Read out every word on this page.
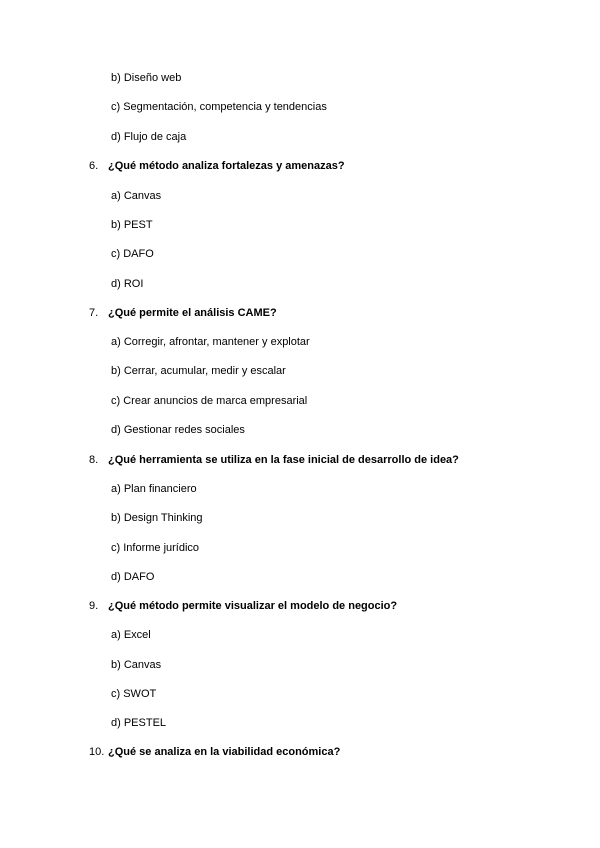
b) Diseño web
c) Segmentación, competencia y tendencias
d) Flujo de caja
6. ¿Qué método analiza fortalezas y amenazas?
a) Canvas
b) PEST
c) DAFO
d) ROI
7. ¿Qué permite el análisis CAME?
a) Corregir, afrontar, mantener y explotar
b) Cerrar, acumular, medir y escalar
c) Crear anuncios de marca empresarial
d) Gestionar redes sociales
8. ¿Qué herramienta se utiliza en la fase inicial de desarrollo de idea?
a) Plan financiero
b) Design Thinking
c) Informe jurídico
d) DAFO
9. ¿Qué método permite visualizar el modelo de negocio?
a) Excel
b) Canvas
c) SWOT
d) PESTEL
10. ¿Qué se analiza en la viabilidad económica?
